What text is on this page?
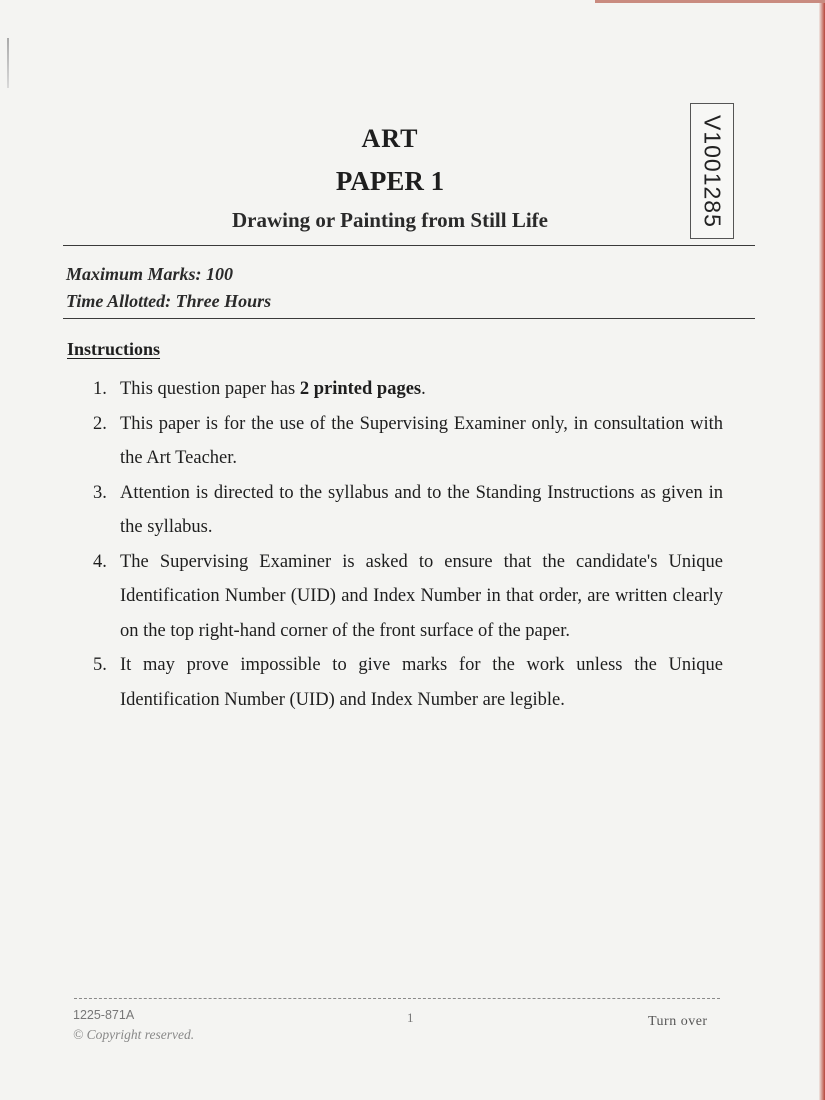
ART
PAPER 1
Drawing or Painting from Still Life	V1001285
Maximum Marks: 100
Time Allotted: Three Hours
Instructions
1. This question paper has 2 printed pages.
2. This paper is for the use of the Supervising Examiner only, in consultation with the Art Teacher.
3. Attention is directed to the syllabus and to the Standing Instructions as given in the syllabus.
4. The Supervising Examiner is asked to ensure that the candidate's Unique Identification Number (UID) and Index Number in that order, are written clearly on the top right-hand corner of the front surface of the paper.
5. It may prove impossible to give marks for the work unless the Unique Identification Number (UID) and Index Number are legible.
1225-871A
© Copyright reserved.
1	Turn over
